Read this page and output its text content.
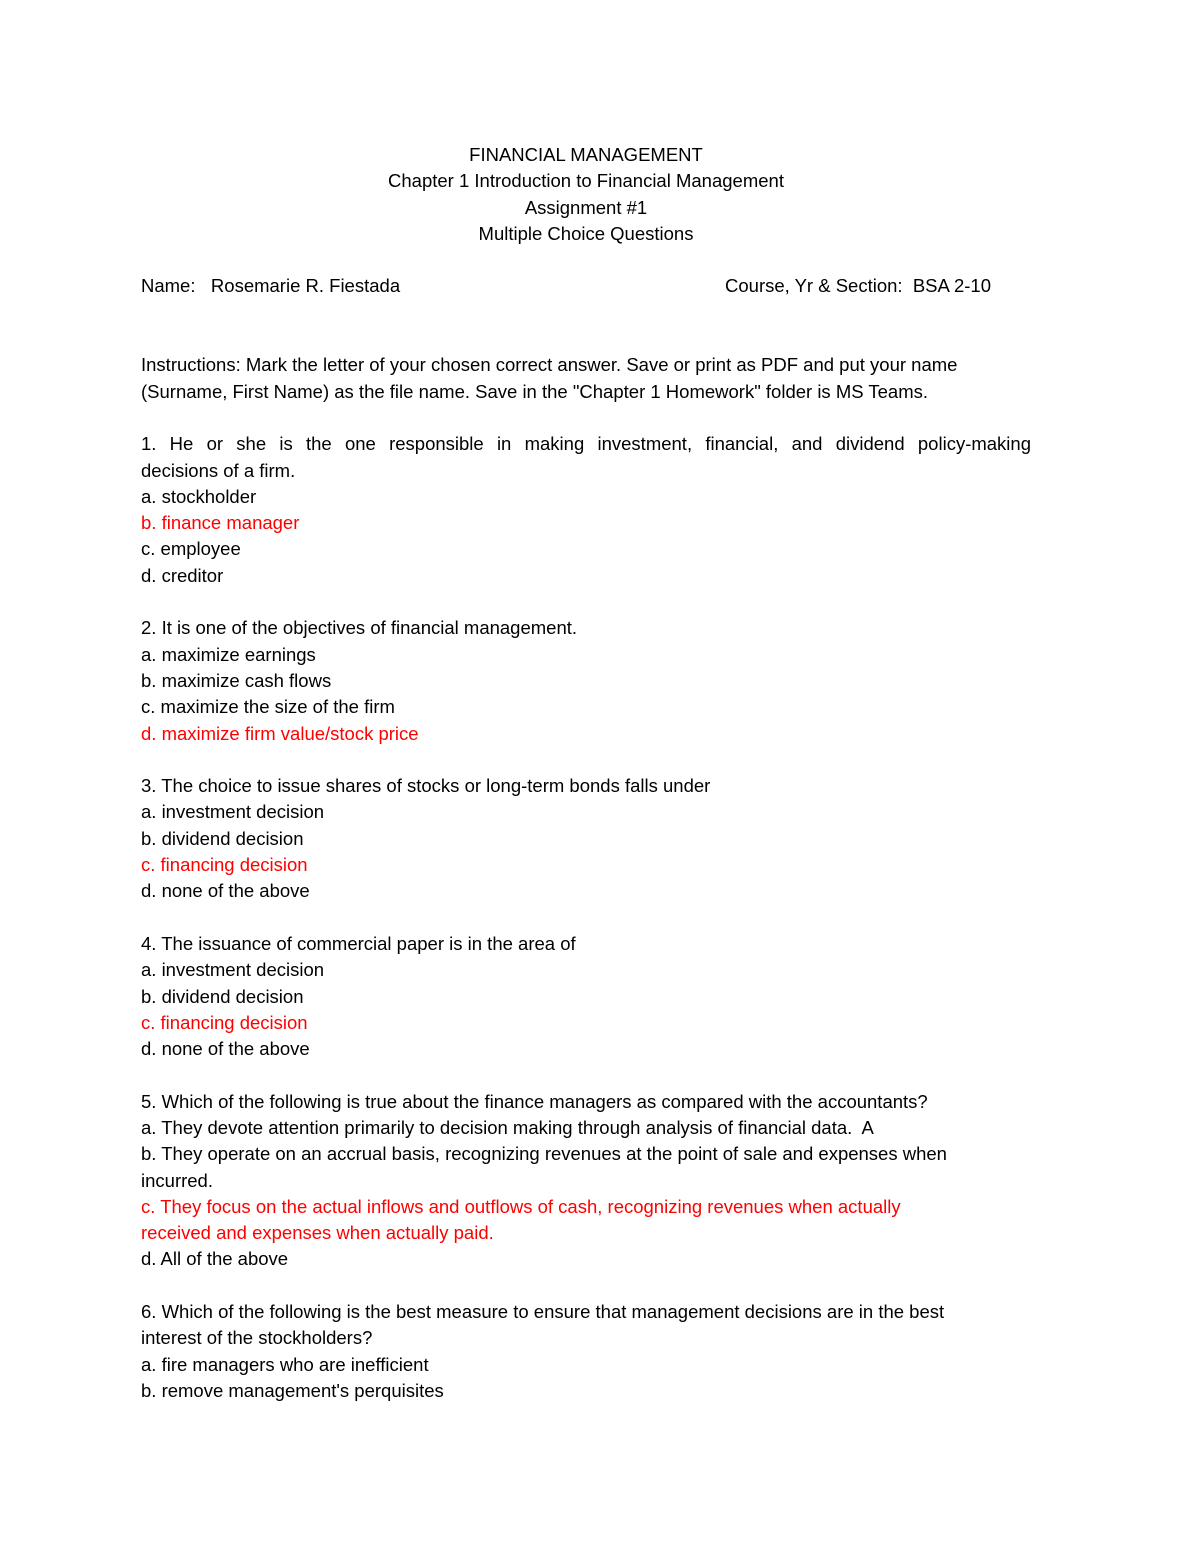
FINANCIAL MANAGEMENT
Chapter 1 Introduction to Financial Management
Assignment #1
Multiple Choice Questions
Name: Rosemarie R. Fiestada	Course, Yr & Section: BSA 2-10
Instructions: Mark the letter of your chosen correct answer. Save or print as PDF and put your name
(Surname, First Name) as the file name. Save in the "Chapter 1 Homework" folder is MS Teams.
1. He or she is the one responsible in making investment, financial, and dividend policy-making
decisions of a firm.
a. stockholder
b. finance manager
c. employee
d. creditor
2. It is one of the objectives of financial management.
a. maximize earnings
b. maximize cash flows
c. maximize the size of the firm
d. maximize firm value/stock price
3. The choice to issue shares of stocks or long-term bonds falls under
a. investment decision
b. dividend decision
c. financing decision
d. none of the above
4. The issuance of commercial paper is in the area of
a. investment decision
b. dividend decision
c. financing decision
d. none of the above
5. Which of the following is true about the finance managers as compared with the accountants?
a. They devote attention primarily to decision making through analysis of financial data.  A
b. They operate on an accrual basis, recognizing revenues at the point of sale and expenses when
incurred.
c. They focus on the actual inflows and outflows of cash, recognizing revenues when actually
received and expenses when actually paid.
d. All of the above
6. Which of the following is the best measure to ensure that management decisions are in the best
interest of the stockholders?
a. fire managers who are inefficient
b. remove management's perquisites
